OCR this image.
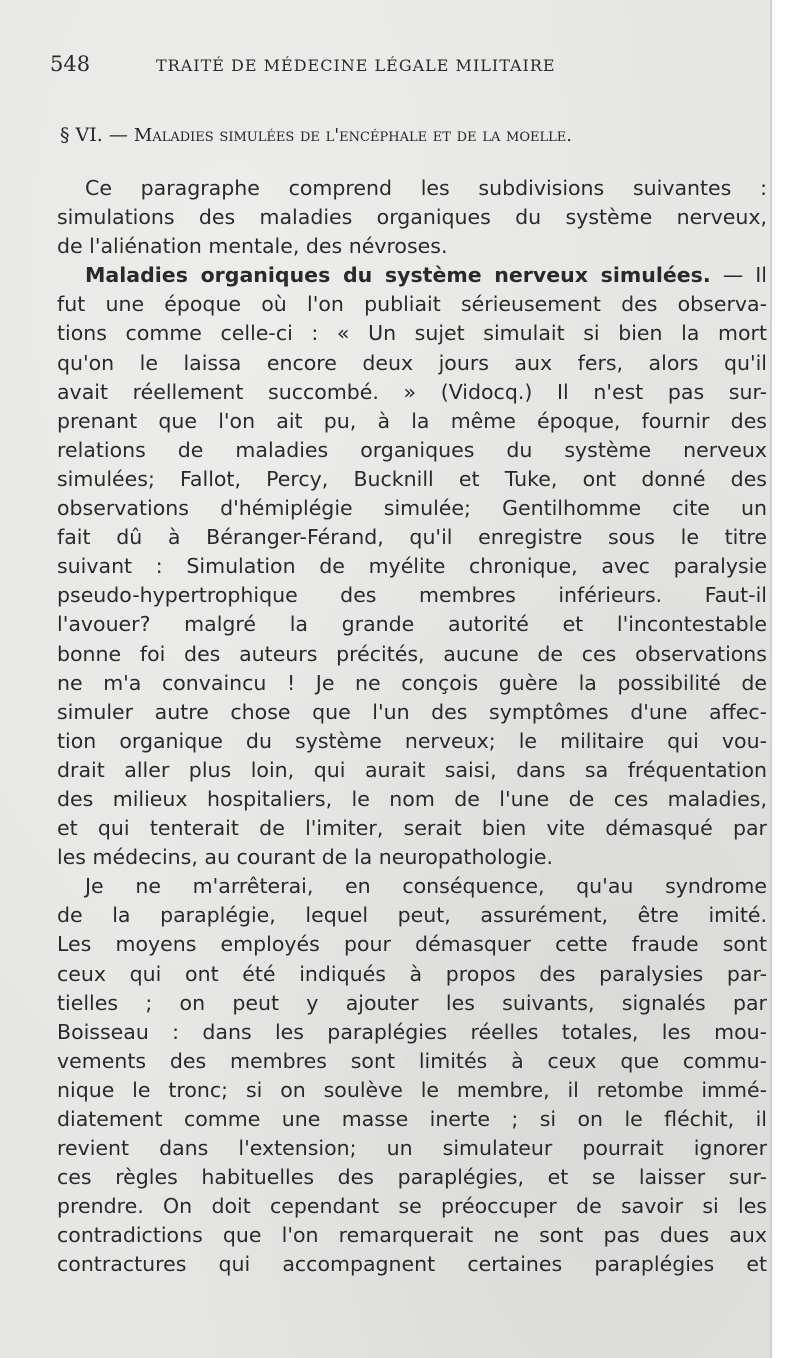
548	TRAITÉ DE MÉDECINE LÉGALE MILITAIRE
§ VI. — Maladies simulées de l'encéphale et de la moelle.
Ce paragraphe comprend les subdivisions suivantes :
simulations des maladies organiques du système nerveux,
de l'aliénation mentale, des névroses.
Maladies organiques du système nerveux simulées. — Il
fut une époque où l'on publiait sérieusement des observa-
tions comme celle-ci : « Un sujet simulait si bien la mort
qu'on le laissa encore deux jours aux fers, alors qu'il
avait réellement succombé. » (Vidocq.) Il n'est pas sur-
prenant que l'on ait pu, à la même époque, fournir des
relations de maladies organiques du système nerveux
simulées; Fallot, Percy, Bucknill et Tuke, ont donné des
observations d'hémiplégie simulée; Gentilhomme cite un
fait dû à Béranger-Férand, qu'il enregistre sous le titre
suivant : Simulation de myélite chronique, avec paralysie
pseudo-hypertrophique des membres inférieurs. Faut-il
l'avouer? malgré la grande autorité et l'incontestable
bonne foi des auteurs précités, aucune de ces observations
ne m'a convaincu ! Je ne conçois guère la possibilité de
simuler autre chose que l'un des symptômes d'une affec-
tion organique du système nerveux; le militaire qui vou-
drait aller plus loin, qui aurait saisi, dans sa fréquentation
des milieux hospitaliers, le nom de l'une de ces maladies,
et qui tenterait de l'imiter, serait bien vite démasqué par
les médecins, au courant de la neuropathologie.
Je ne m'arrêterai, en conséquence, qu'au syndrome
de la paraplégie, lequel peut, assurément, être imité.
Les moyens employés pour démasquer cette fraude sont
ceux qui ont été indiqués à propos des paralysies par-
tielles ; on peut y ajouter les suivants, signalés par
Boisseau : dans les paraplégies réelles totales, les mou-
vements des membres sont limités à ceux que commu-
nique le tronc; si on soulève le membre, il retombe immé-
diatement comme une masse inerte ; si on le fléchit, il
revient dans l'extension; un simulateur pourrait ignorer
ces règles habituelles des paraplégies, et se laisser sur-
prendre. On doit cependant se préoccuper de savoir si les
contradictions que l'on remarquerait ne sont pas dues aux
contractures qui accompagnent certaines paraplégies et
